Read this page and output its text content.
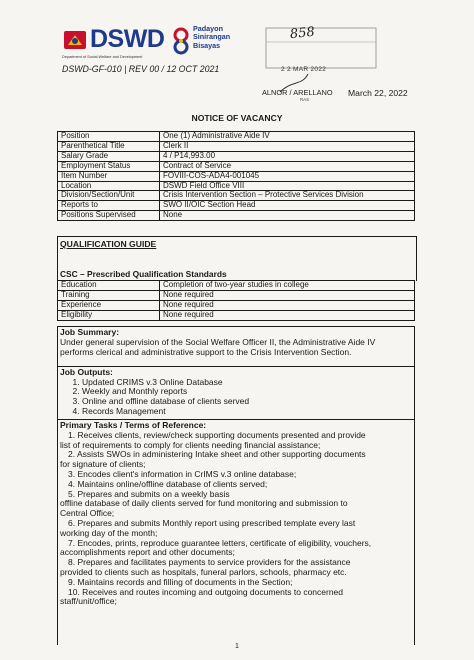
DSWD
Department of Social Welfare and Development
Padayon
Sinirangan
Bisayas
DSWD-GF-010 | REV 00 / 12 OCT 2021
858
2 2 MAR 2022
ALNOR / ARELLANO
RAS
March 22, 2022
NOTICE OF VACANCY
Position	One (1) Administrative Aide IV
Parenthetical Title	Clerk II
Salary Grade	4 / P14,993.00
Employment Status	Contract of Service
Item Number	FOVIII-COS-ADA4-001045
Location	DSWD Field Office VIII
Division/Section/Unit	Crisis Intervention Section – Protective Services Division
Reports to	SWO II/OIC Section Head
Positions Supervised	None
QUALIFICATION GUIDE
CSC – Prescribed Qualification Standards
Education	Completion of two-year studies in college
Training	None required
Experience	None required
Eligibility	None required
Job Summary:
Under general supervision of the Social Welfare Officer II, the Administrative Aide IV
performs clerical and administrative support to the Crisis Intervention Section.
Job Outputs:
1. Updated CRIMS v.3 Online Database
2. Weekly and Monthly reports
3. Online and offline database of clients served
4. Records Management
Primary Tasks / Terms of Reference:
1. Receives clients, review/check supporting documents presented and provide
list of requirements to comply for clients needing financial assistance;
2. Assists SWOs in administering Intake sheet and other supporting documents
for signature of clients;
3. Encodes client's information in CrIMS v.3 online database;
4. Maintains online/offline database of clients served;
5. Prepares and submits on a weekly basis
offline database of daily clients served for fund monitoring and submission to
Central Office;
6. Prepares and submits Monthly report using prescribed template every last
working day of the month;
7. Encodes, prints, reproduce guarantee letters, certificate of eligibility, vouchers,
accomplishments report and other documents;
8. Prepares and facilitates payments to service providers for the assistance
provided to clients such as hospitals, funeral parlors, schools, pharmacy etc.
9. Maintains records and filling of documents in the Section;
10. Receives and routes incoming and outgoing documents to concerned
staff/unit/office;
1
